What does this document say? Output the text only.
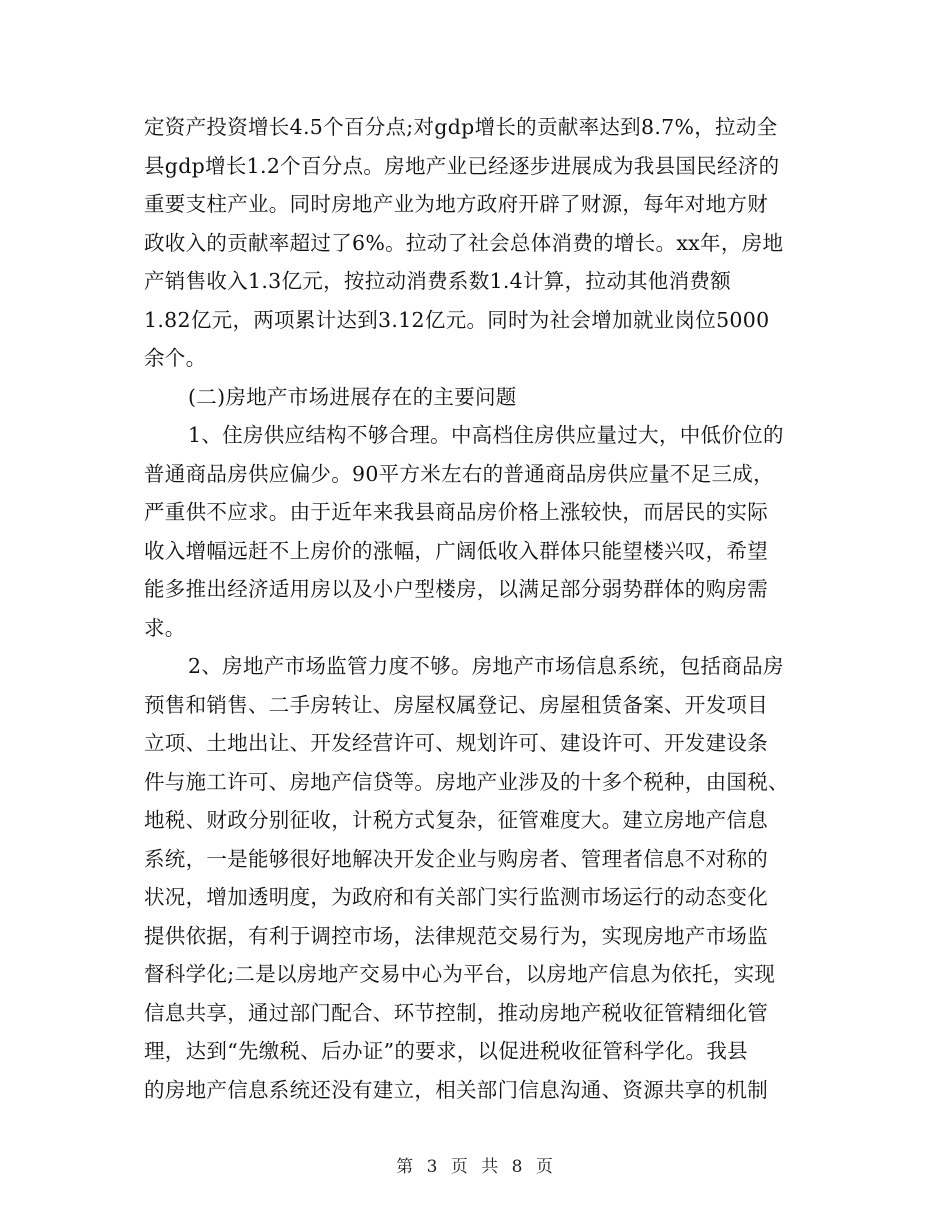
定资产投资增长4.5个百分点;对gdp增长的贡献率达到8.7%，拉动全
县gdp增长1.2个百分点。房地产业已经逐步进展成为我县国民经济的
重要支柱产业。同时房地产业为地方政府开辟了财源，每年对地方财
政收入的贡献率超过了6%。拉动了社会总体消费的增长。xx年，房地
产销售收入1.3亿元，按拉动消费系数1.4计算，拉动其他消费额
1.82亿元，两项累计达到3.12亿元。同时为社会增加就业岗位5000
余个。
(二)房地产市场进展存在的主要问题
1、住房供应结构不够合理。中高档住房供应量过大，中低价位的
普通商品房供应偏少。90平方米左右的普通商品房供应量不足三成，
严重供不应求。由于近年来我县商品房价格上涨较快，而居民的实际
收入增幅远赶不上房价的涨幅，广阔低收入群体只能望楼兴叹，希望
能多推出经济适用房以及小户型楼房，以满足部分弱势群体的购房需
求。
2、房地产市场监管力度不够。房地产市场信息系统，包括商品房
预售和销售、二手房转让、房屋权属登记、房屋租赁备案、开发项目
立项、土地出让、开发经营许可、规划许可、建设许可、开发建设条
件与施工许可、房地产信贷等。房地产业涉及的十多个税种，由国税、
地税、财政分别征收，计税方式复杂，征管难度大。建立房地产信息
系统，一是能够很好地解决开发企业与购房者、管理者信息不对称的
状况，增加透明度，为政府和有关部门实行监测市场运行的动态变化
提供依据，有利于调控市场，法律规范交易行为，实现房地产市场监
督科学化;二是以房地产交易中心为平台，以房地产信息为依托，实现
信息共享，通过部门配合、环节控制，推动房地产税收征管精细化管
理，达到“先缴税、后办证”的要求，以促进税收征管科学化。我县
的房地产信息系统还没有建立，相关部门信息沟通、资源共享的机制
第 3 页 共 8 页
